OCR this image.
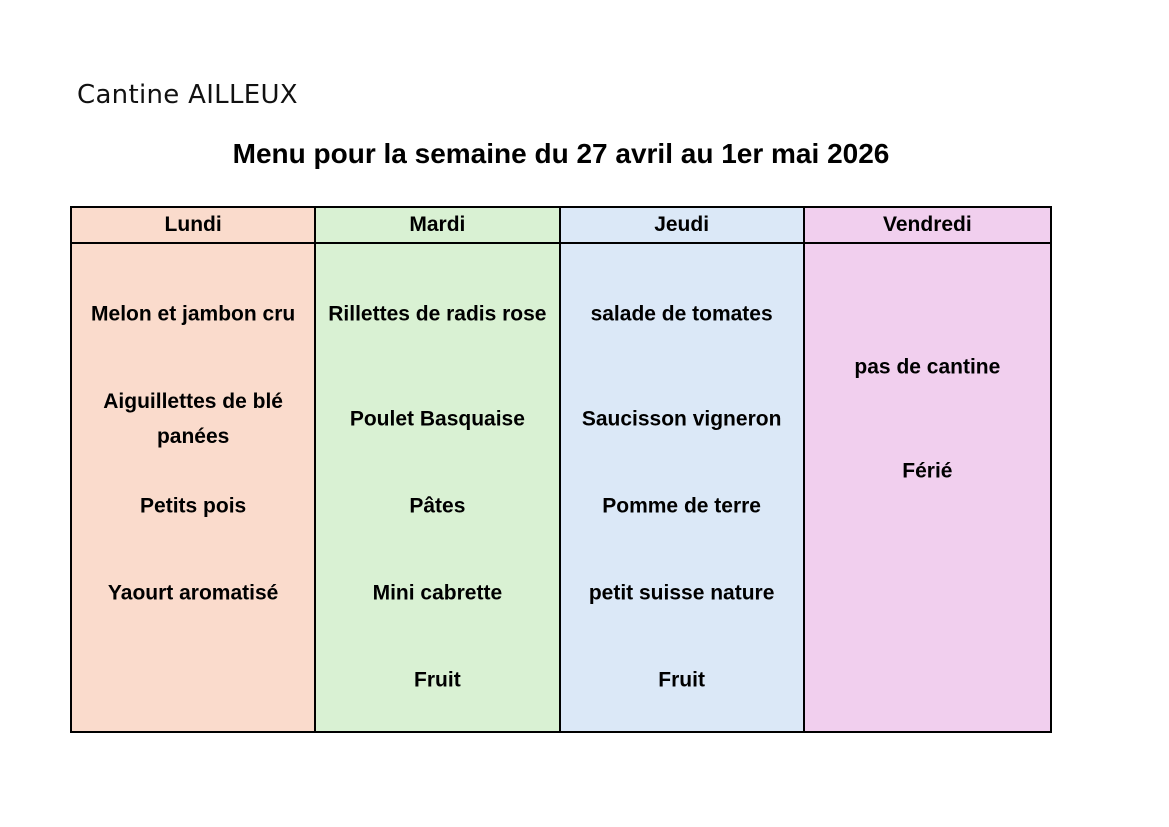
Cantine AILLEUX
Menu pour la semaine du 27 avril au 1er mai 2026
Lundi
Melon et jambon cru
Aiguillettes de blé panées
Petits pois
Yaourt aromatisé
Mardi
Rillettes de radis rose
Poulet Basquaise
Pâtes
Mini cabrette
Fruit
Jeudi
salade de tomates
Saucisson vigneron
Pomme de terre
petit suisse nature
Fruit
Vendredi
pas de cantine
Férié
